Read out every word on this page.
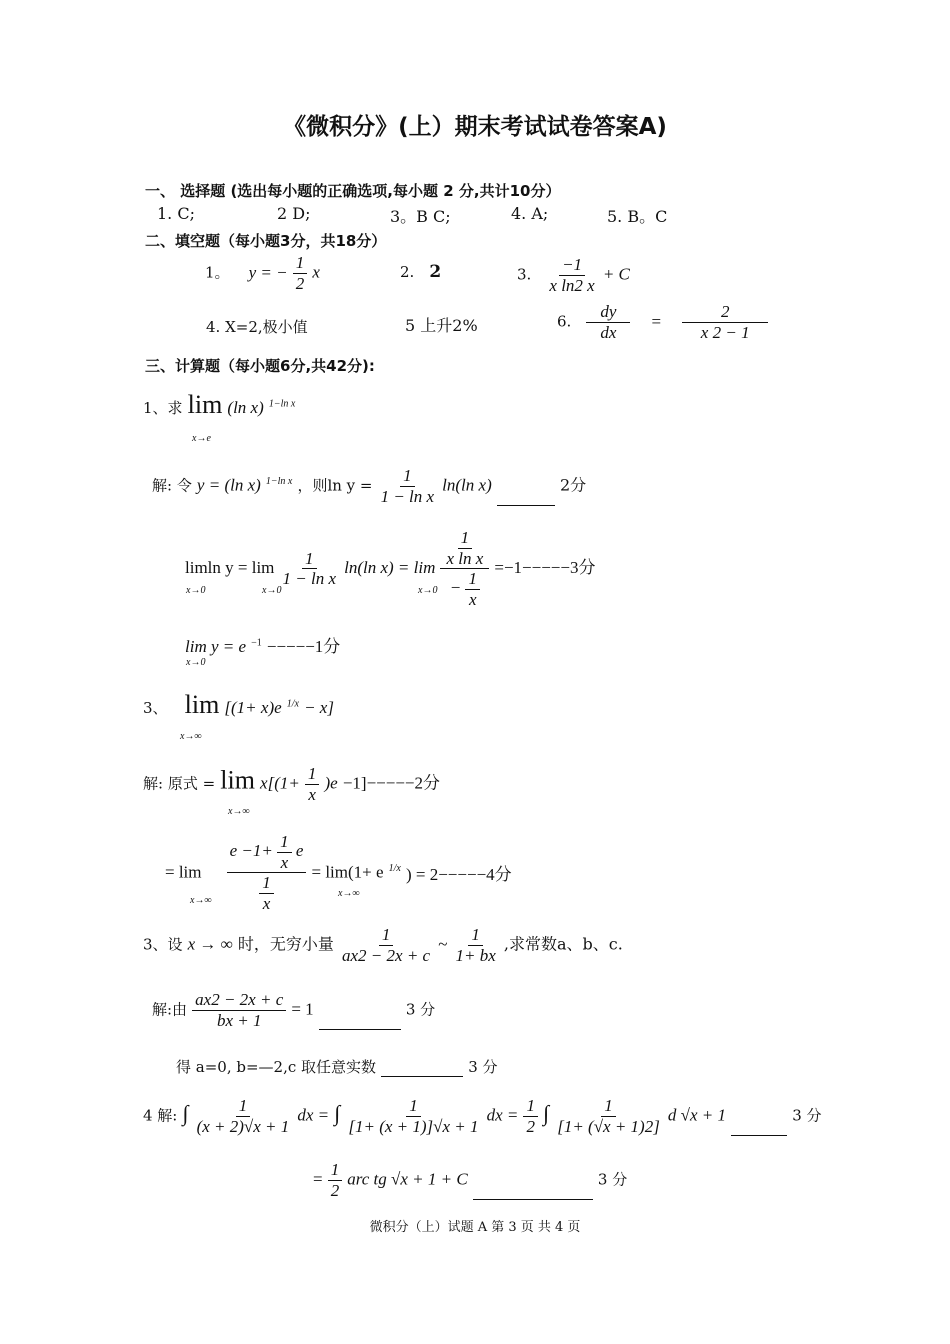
《微积分》(上）期末考试试卷答案A)
一、 选择题 (选出每小题的正确选项,每小题 2 分,共计10分）
1. C;	2 D;	3。B C;	4. A;	5. B。C
二、填空题（每小题3分，共18分）
1。 y = − $\frac{1}{2}$ x	2. 2	3. $\frac{-1}{\text{x ln2 x}} + C$
4. X=2,极小值	5 上升2%	6. $\frac{dy}{dx} = \frac{2}{x 2 - 1}$
三、计算题（每小题6分,共42分):
1、求 lim (ln x) $^{1-ln x}$
x→e
解: 令 y = (ln x) $^{1-ln x}$ ，则$\ln y = \frac{1}{\text{1 − ln x}} \ln(\ln$ x)	2分
limln $y = \lim \frac{1}{\text{1 − ln x}} \ln(\ln$ $x) = \lim \frac{\frac{1}{\text{x ln x}}}{- \frac{1}{x}} =-1-----3$分
x→0	x→0	x→0
lim y = e $^{-1}$ −−−−−1分
x→0
3、 lim [(1+ x)e $^{1/x}$ − x]
x→∞
解: 原式 = $\lim x[(1+ \frac{1}{x} )e -1]-----2$分
x→∞
= $\lim \frac{e -1+ \frac{1}{x} e}{\frac{1}{x}} = \lim(1+ e$ $^{1/x}$ ) = 2−−−−−4分
x→∞
x→∞
3、设 x → ∞ 时，无穷小量 $\frac{1}{ax2 - 2x + c}$ ~ $\frac{1}{1+ bx}$ ,求常数a、b、c.
解:由 $\frac{ax2 - 2x + c}{bx + 1} = 1$	3 分
得 a=0, b=—2,c 取任意实数	3 分
4 解: ∫ $\frac{1}{(x + 2)√x + 1}$ dx = ∫ $\frac{1}{[1+ (x + 1)]√x + 1}$ dx = $\frac{1}{2}$ ∫ $\frac{1}{[1+ (√x + 1)2]}$ d √x + 1	3 分
= $\frac{1}{2}$ arc tg √x + 1 + C	3 分
微积分（上）试题 A 第 3 页 共 4 页
